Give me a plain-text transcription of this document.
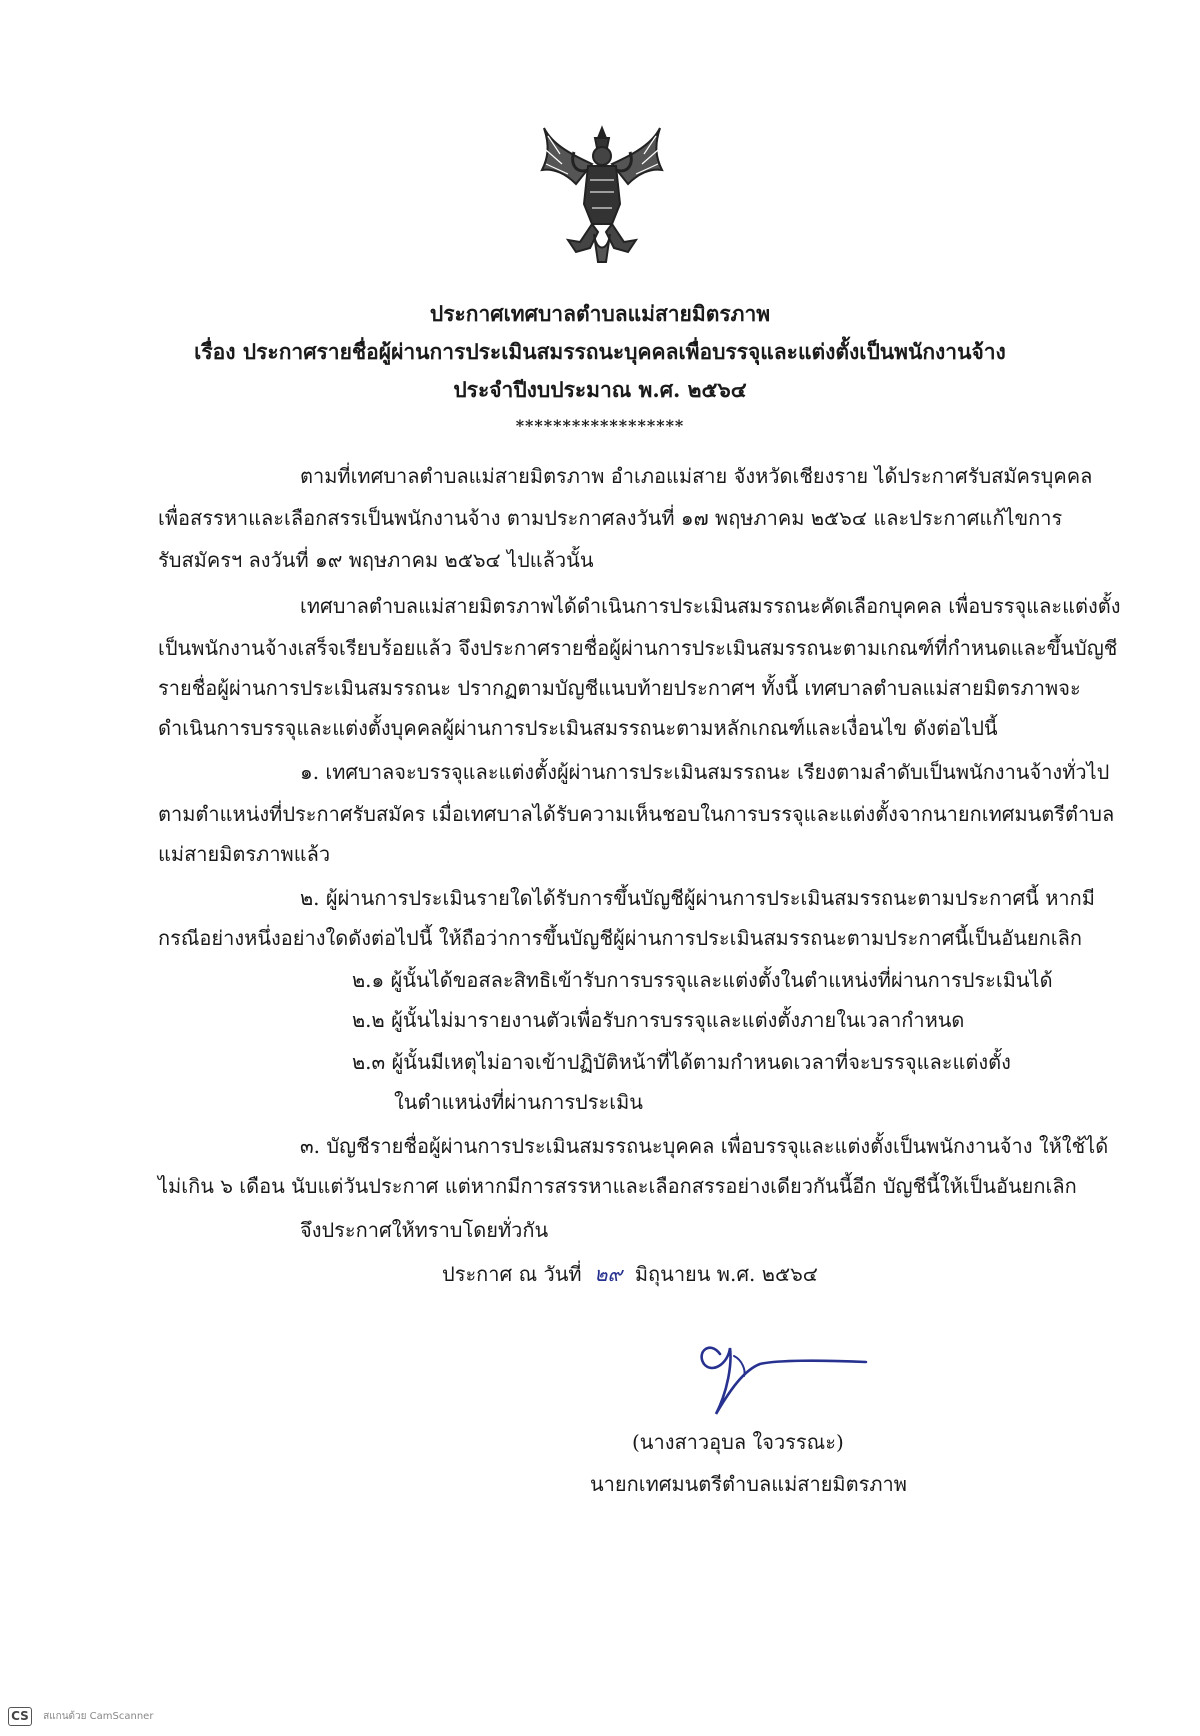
ประกาศเทศบาลตำบลแม่สายมิตรภาพ
เรื่อง ประกาศรายชื่อผู้ผ่านการประเมินสมรรถนะบุคคลเพื่อบรรจุและแต่งตั้งเป็นพนักงานจ้าง
ประจำปีงบประมาณ พ.ศ. ๒๕๖๔
******************
ตามที่เทศบาลตำบลแม่สายมิตรภาพ อำเภอแม่สาย จังหวัดเชียงราย ได้ประกาศรับสมัครบุคคล
เพื่อสรรหาและเลือกสรรเป็นพนักงานจ้าง ตามประกาศลงวันที่ ๑๗ พฤษภาคม ๒๕๖๔ และประกาศแก้ไขการ
รับสมัครฯ ลงวันที่ ๑๙ พฤษภาคม ๒๕๖๔ ไปแล้วนั้น
เทศบาลตำบลแม่สายมิตรภาพได้ดำเนินการประเมินสมรรถนะคัดเลือกบุคคล เพื่อบรรจุและแต่งตั้ง
เป็นพนักงานจ้างเสร็จเรียบร้อยแล้ว จึงประกาศรายชื่อผู้ผ่านการประเมินสมรรถนะตามเกณฑ์ที่กำหนดและขึ้นบัญชี
รายชื่อผู้ผ่านการประเมินสมรรถนะ ปรากฏตามบัญชีแนบท้ายประกาศฯ ทั้งนี้ เทศบาลตำบลแม่สายมิตรภาพจะ
ดำเนินการบรรจุและแต่งตั้งบุคคลผู้ผ่านการประเมินสมรรถนะตามหลักเกณฑ์และเงื่อนไข ดังต่อไปนี้
๑. เทศบาลจะบรรจุและแต่งตั้งผู้ผ่านการประเมินสมรรถนะ เรียงตามลำดับเป็นพนักงานจ้างทั่วไป
ตามตำแหน่งที่ประกาศรับสมัคร เมื่อเทศบาลได้รับความเห็นชอบในการบรรจุและแต่งตั้งจากนายกเทศมนตรีตำบล
แม่สายมิตรภาพแล้ว
๒. ผู้ผ่านการประเมินรายใดได้รับการขึ้นบัญชีผู้ผ่านการประเมินสมรรถนะตามประกาศนี้ หากมี
กรณีอย่างหนึ่งอย่างใดดังต่อไปนี้ ให้ถือว่าการขึ้นบัญชีผู้ผ่านการประเมินสมรรถนะตามประกาศนี้เป็นอันยกเลิก
๒.๑ ผู้นั้นได้ขอสละสิทธิเข้ารับการบรรจุและแต่งตั้งในตำแหน่งที่ผ่านการประเมินได้
๒.๒ ผู้นั้นไม่มารายงานตัวเพื่อรับการบรรจุและแต่งตั้งภายในเวลากำหนด
๒.๓ ผู้นั้นมีเหตุไม่อาจเข้าปฏิบัติหน้าที่ได้ตามกำหนดเวลาที่จะบรรจุและแต่งตั้ง
ในตำแหน่งที่ผ่านการประเมิน
๓. บัญชีรายชื่อผู้ผ่านการประเมินสมรรถนะบุคคล เพื่อบรรจุและแต่งตั้งเป็นพนักงานจ้าง ให้ใช้ได้
ไม่เกิน ๖ เดือน นับแต่วันประกาศ แต่หากมีการสรรหาและเลือกสรรอย่างเดียวกันนี้อีก บัญชีนี้ให้เป็นอันยกเลิก
จึงประกาศให้ทราบโดยทั่วกัน
ประกาศ ณ วันที่ ๒๙ มิถุนายน พ.ศ. ๒๕๖๔
(นางสาวอุบล ใจวรรณะ)
นายกเทศมนตรีตำบลแม่สายมิตรภาพ
CS สแกนด้วย CamScanner
